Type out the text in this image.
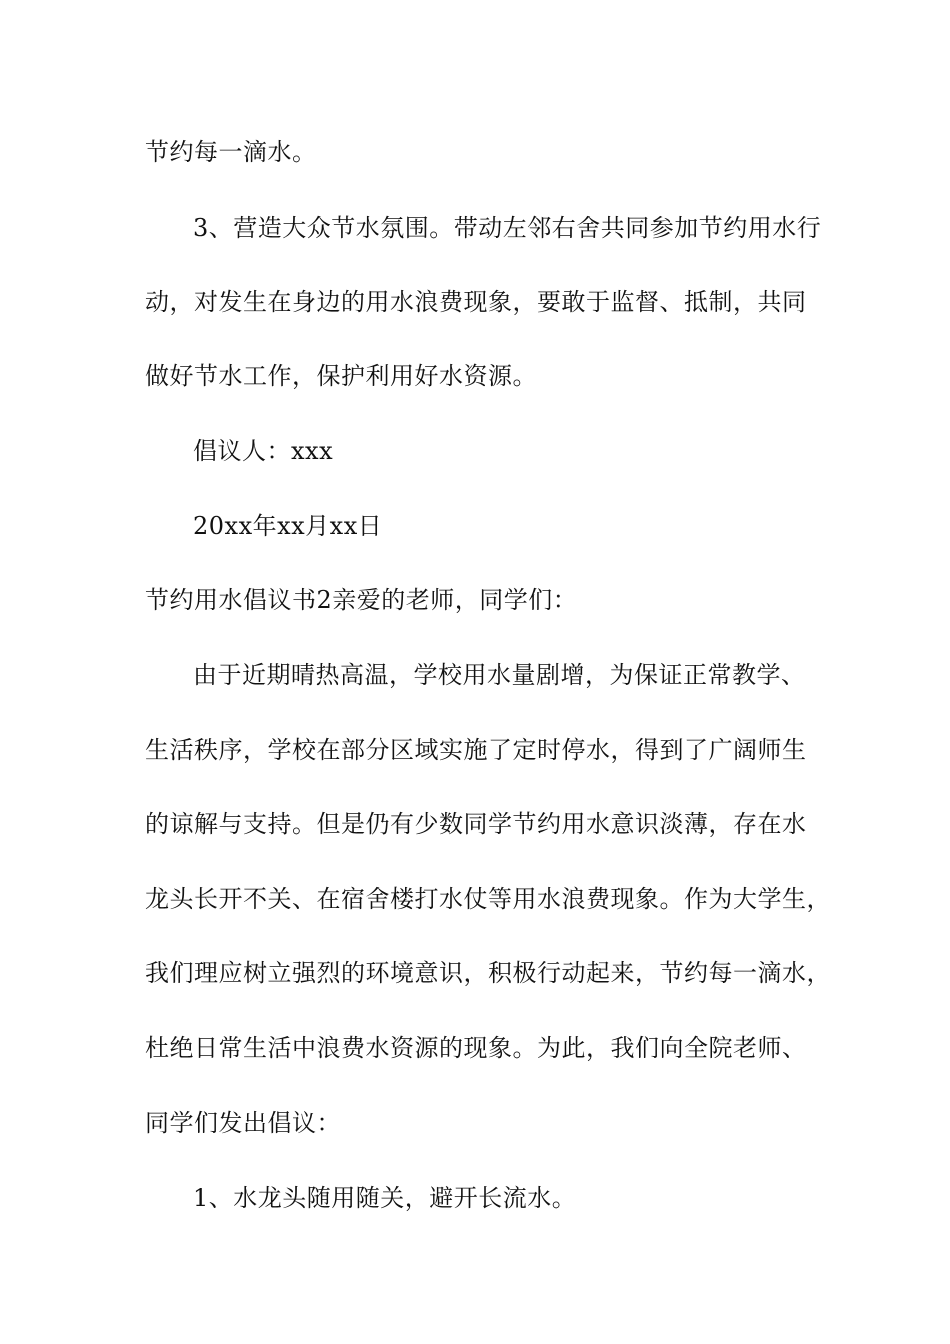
节约每一滴水。
3、营造大众节水氛围。带动左邻右舍共同参加节约用水行
动，对发生在身边的用水浪费现象，要敢于监督、抵制，共同
做好节水工作，保护利用好水资源。
倡议人：xxx
20xx年xx月xx日
节约用水倡议书2亲爱的老师，同学们：
由于近期晴热高温，学校用水量剧增，为保证正常教学、
生活秩序，学校在部分区域实施了定时停水，得到了广阔师生
的谅解与支持。但是仍有少数同学节约用水意识淡薄，存在水
龙头长开不关、在宿舍楼打水仗等用水浪费现象。作为大学生，
我们理应树立强烈的环境意识，积极行动起来，节约每一滴水，
杜绝日常生活中浪费水资源的现象。为此，我们向全院老师、
同学们发出倡议：
1、水龙头随用随关，避开长流水。
